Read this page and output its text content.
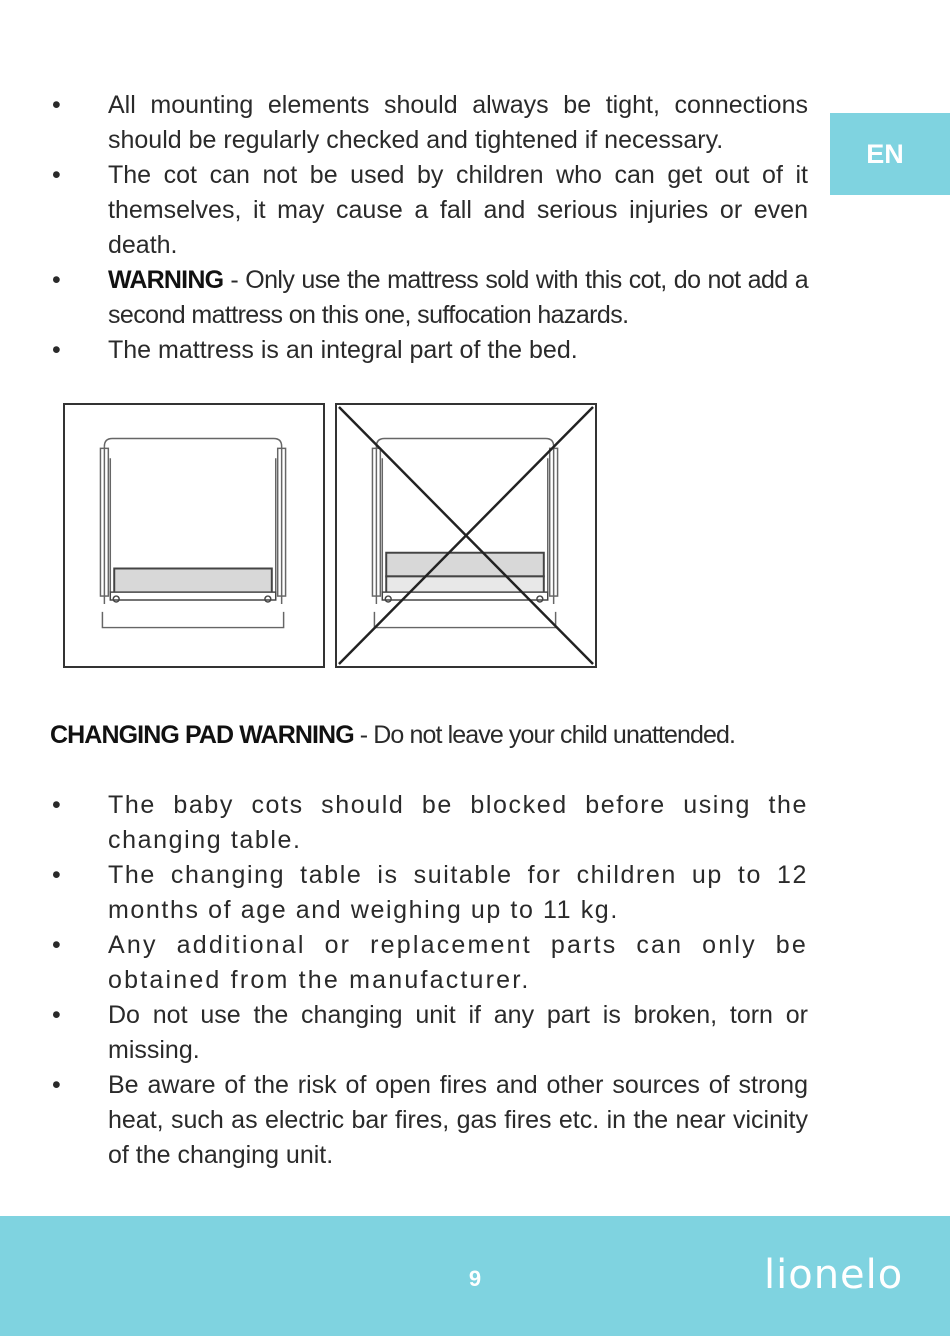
EN
• All mounting elements should always be tight, connections should be regularly checked and tightened if necessary.
• The cot can not be used by children who can get out of it themselves, it may cause a fall and serious injuries or even death.
• WARNING - Only use the mattress sold with this cot, do not add a second mattress on this one, suffocation hazards.
• The mattress is an integral part of the bed.
CHANGING PAD WARNING - Do not leave your child unattended.
• The baby cots should be blocked before using the changing table.
• The changing table is suitable for children up to 12 months of age and weighing up to 11 kg.
• Any additional or replacement parts can only be obtained from the manufacturer.
• Do not use the changing unit if any part is broken, torn or missing.
• Be aware of the risk of open fires and other sources of strong heat, such as electric bar fires, gas fires etc. in the near vicinity of the changing unit.
9	lionelo
